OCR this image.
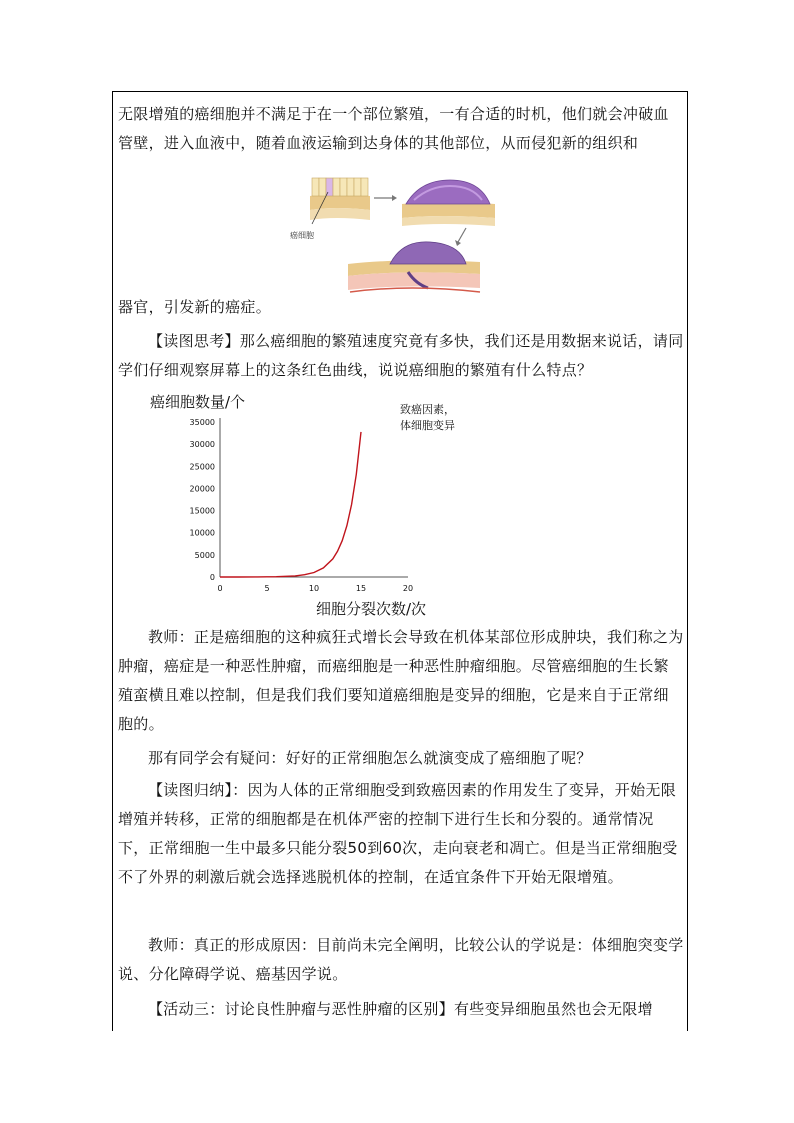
无限增殖的癌细胞并不满足于在一个部位繁殖，一有合适的时机，他们就会冲破血管壁，进入血液中，随着血液运输到达身体的其他部位，从而侵犯新的组织和

癌细胞

器官，引发新的癌症。

【读图思考】那么癌细胞的繁殖速度究竟有多快，我们还是用数据来说话，请同学们仔细观察屏幕上的这条红色曲线，说说癌细胞的繁殖有什么特点？

癌细胞数量/个	致癌因素，
体细胞变异
0
5000
10000
15000
20000
25000
30000
35000
0	5	10	15	20
细胞分裂次数/次

教师：正是癌细胞的这种疯狂式增长会导致在机体某部位形成肿块，我们称之为肿瘤，癌症是一种恶性肿瘤，而癌细胞是一种恶性肿瘤细胞。尽管癌细胞的生长繁殖蛮横且难以控制，但是我们我们要知道癌细胞是变异的细胞，它是来自于正常细胞的。

那有同学会有疑问：好好的正常细胞怎么就演变成了癌细胞了呢？

【读图归纳】：因为人体的正常细胞受到致癌因素的作用发生了变异，开始无限增殖并转移，正常的细胞都是在机体严密的控制下进行生长和分裂的。通常情况下，正常细胞一生中最多只能分裂50到60次，走向衰老和凋亡。但是当正常细胞受不了外界的刺激后就会选择逃脱机体的控制，在适宜条件下开始无限增殖。

教师：真正的形成原因：目前尚未完全阐明，比较公认的学说是：体细胞突变学说、分化障碍学说、癌基因学说。

【活动三：讨论良性肿瘤与恶性肿瘤的区别】有些变异细胞虽然也会无限增
